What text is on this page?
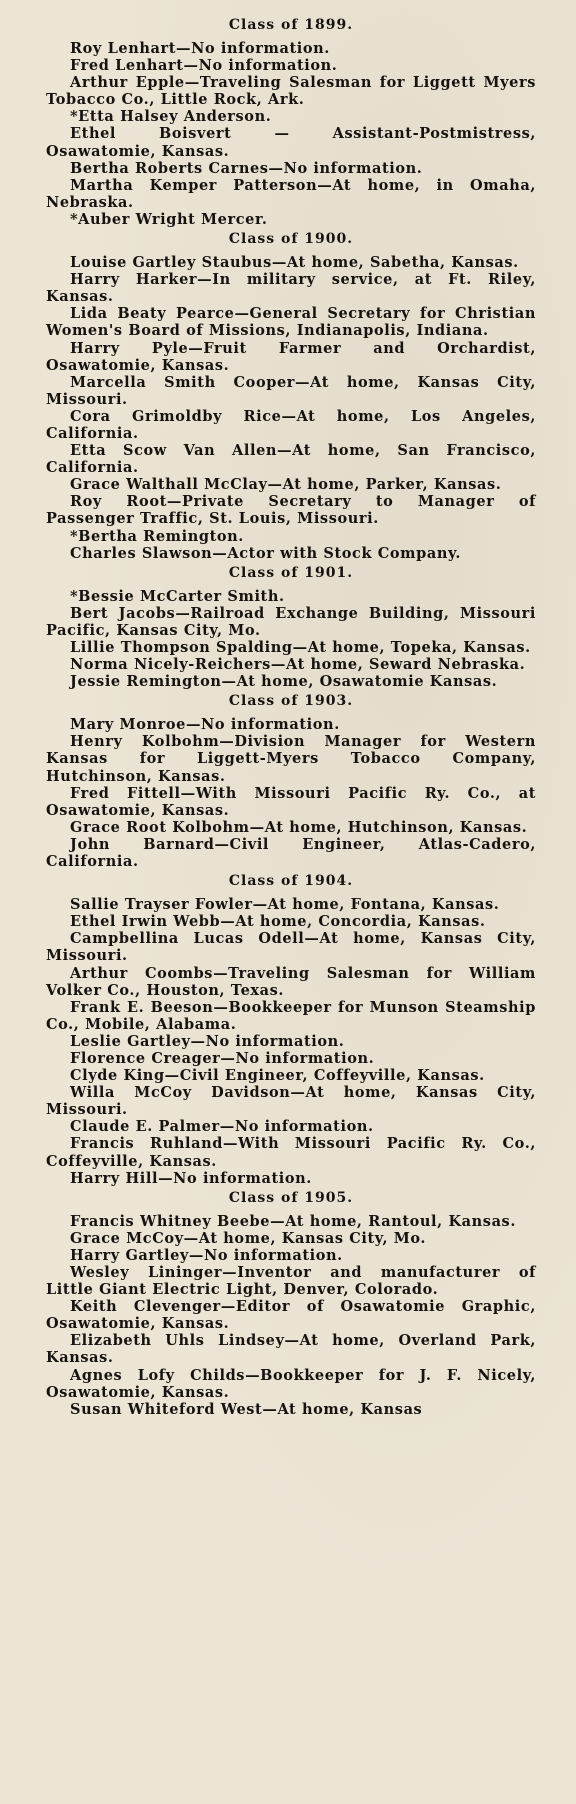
Class of 1899.

Roy Lenhart—No information.

Fred Lenhart—No information.

Arthur Epple—Traveling Salesman for Liggett Myers Tobacco Co., Little Rock, Ark.

*Etta Halsey Anderson.

Ethel Boisvert — Assistant-Postmistress, Osawatomie, Kansas.

Bertha Roberts Carnes—No information.

Martha Kemper Patterson—At home, in Omaha, Nebraska.

*Auber Wright Mercer.

Class of 1900.

Louise Gartley Staubus—At home, Sabetha, Kansas.

Harry Harker—In military service, at Ft. Riley, Kansas.

Lida Beaty Pearce—General Secretary for Christian Women's Board of Missions, Indianapolis, Indiana.

Harry Pyle—Fruit Farmer and Orchardist, Osawatomie, Kansas.

Marcella Smith Cooper—At home, Kansas City, Missouri.

Cora Grimoldby Rice—At home, Los Angeles, California.

Etta Scow Van Allen—At home, San Francisco, California.

Grace Walthall McClay—At home, Parker, Kansas.

Roy Root—Private Secretary to Manager of Passenger Traffic, St. Louis, Missouri.

*Bertha Remington.

Charles Slawson—Actor with Stock Company.

Class of 1901.

*Bessie McCarter Smith.

Bert Jacobs—Railroad Exchange Building, Missouri Pacific, Kansas City, Mo.

Lillie Thompson Spalding—At home, Topeka, Kansas.

Norma Nicely-Reichers—At home, Seward Nebraska.

Jessie Remington—At home, Osawatomie Kansas.

Class of 1903.

Mary Monroe—No information.

Henry Kolbohm—Division Manager for Western Kansas for Liggett-Myers Tobacco Company, Hutchinson, Kansas.

Fred Fittell—With Missouri Pacific Ry. Co., at Osawatomie, Kansas.

Grace Root Kolbohm—At home, Hutchinson, Kansas.

John Barnard—Civil Engineer, Atlas-Cadero, California.

Class of 1904.

Sallie Trayser Fowler—At home, Fontana, Kansas.

Ethel Irwin Webb—At home, Concordia, Kansas.

Campbellina Lucas Odell—At home, Kansas City, Missouri.

Arthur Coombs—Traveling Salesman for William Volker Co., Houston, Texas.

Frank E. Beeson—Bookkeeper for Munson Steamship Co., Mobile, Alabama.

Leslie Gartley—No information.

Florence Creager—No information.

Clyde King—Civil Engineer, Coffeyville, Kansas.

Willa McCoy Davidson—At home, Kansas City, Missouri.

Claude E. Palmer—No information.

Francis Ruhland—With Missouri Pacific Ry. Co., Coffeyville, Kansas.

Harry Hill—No information.

Class of 1905.

Francis Whitney Beebe—At home, Rantoul, Kansas.

Grace McCoy—At home, Kansas City, Mo.

Harry Gartley—No information.

Wesley Lininger—Inventor and manufacturer of Little Giant Electric Light, Denver, Colorado.

Keith Clevenger—Editor of Osawatomie Graphic, Osawatomie, Kansas.

Elizabeth Uhls Lindsey—At home, Overland Park, Kansas.

Agnes Lofy Childs—Bookkeeper for J. F. Nicely, Osawatomie, Kansas.

Susan Whiteford West—At home, Kansas
